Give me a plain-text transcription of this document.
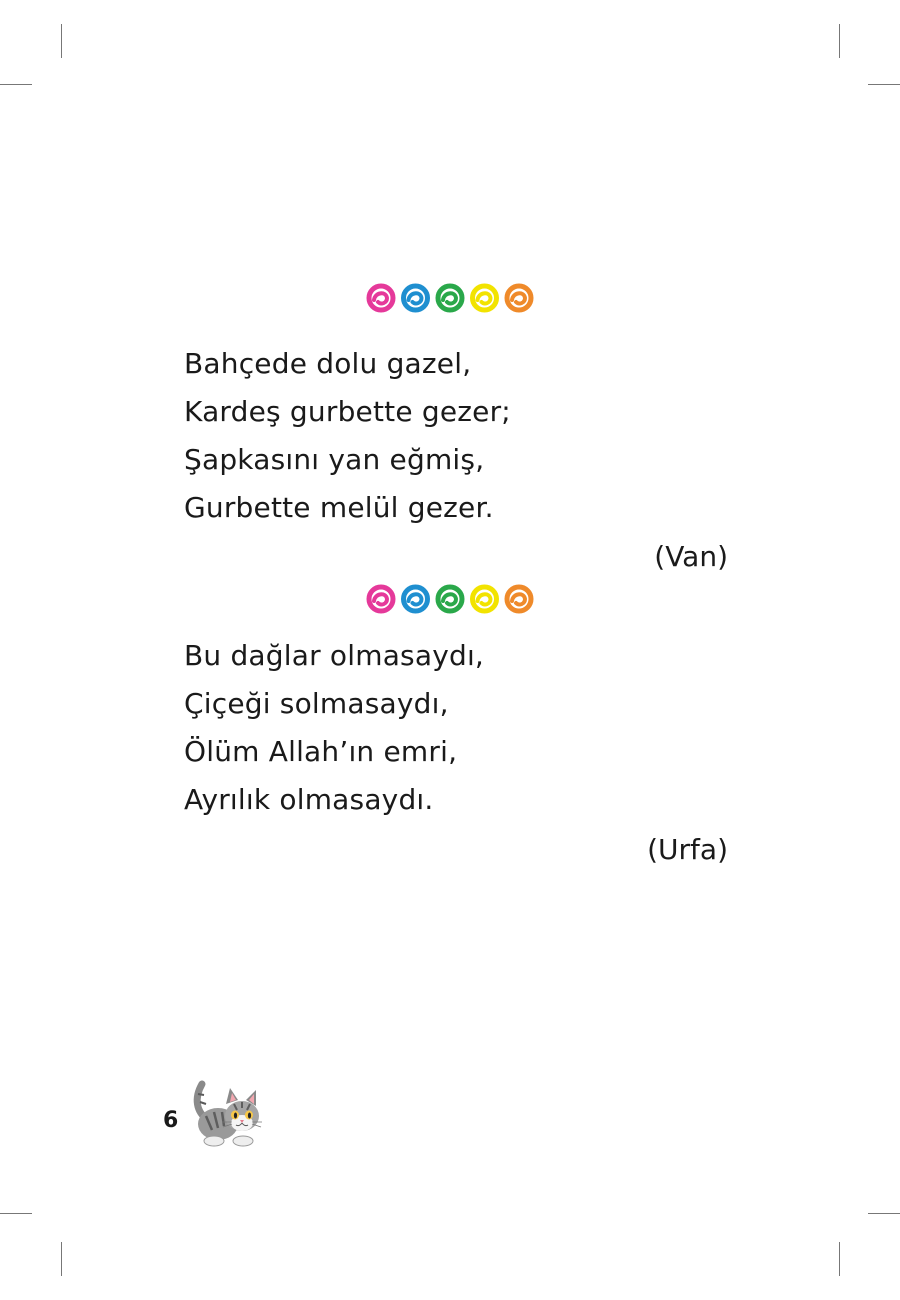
Bahçede dolu gazel,
Kardeş gurbette gezer;
Şapkasını yan eğmiş,
Gurbette melül gezer.
(Van)
Bu dağlar olmasaydı,
Çiçeği solmasaydı,
Ölüm Allah’ın emri,
Ayrılık olmasaydı.
(Urfa)
6
